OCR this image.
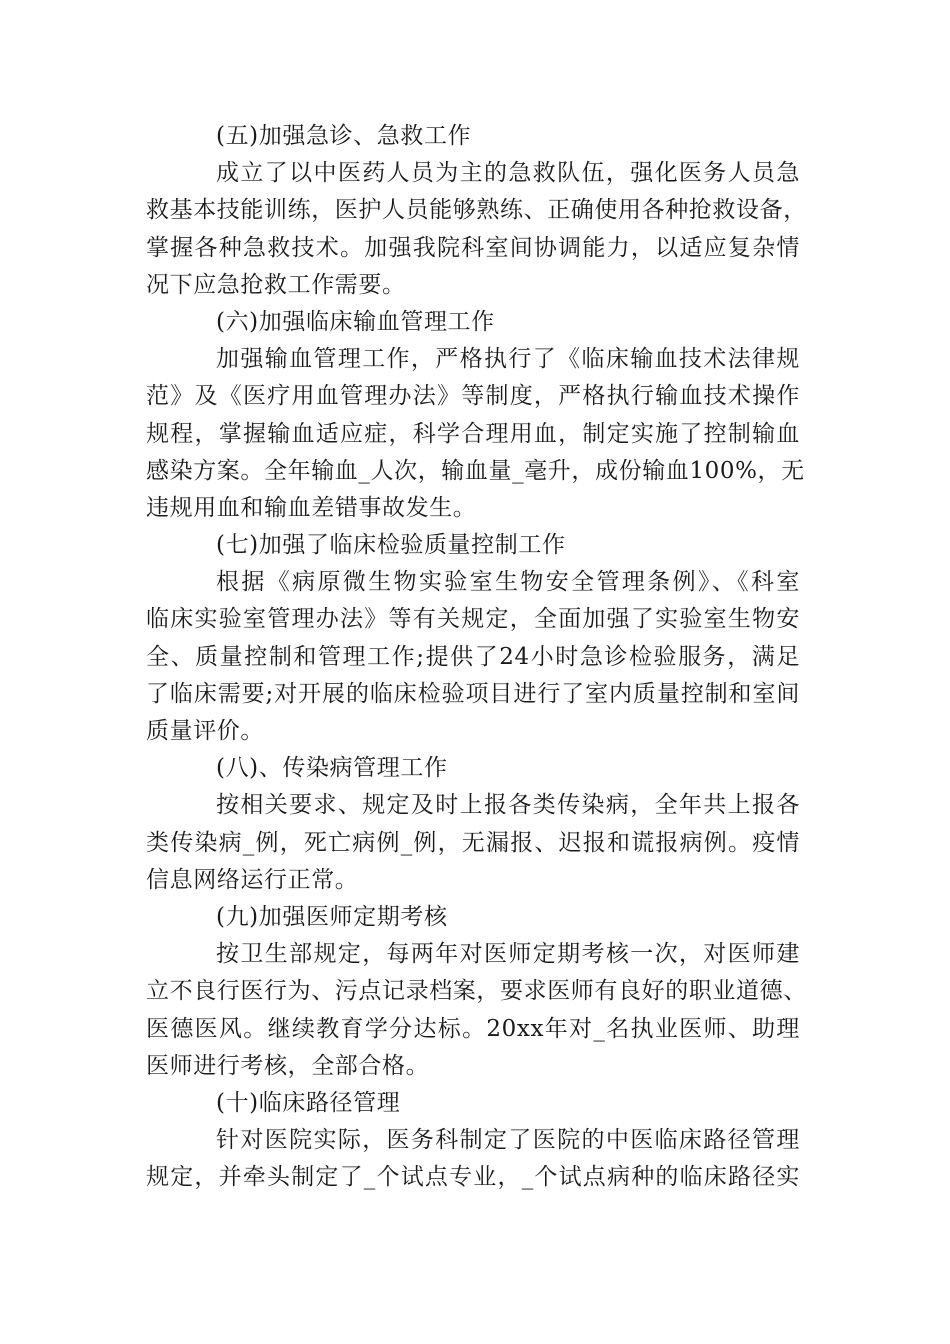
(五)加强急诊、急救工作
成立了以中医药人员为主的急救队伍，强化医务人员急
救基本技能训练，医护人员能够熟练、正确使用各种抢救设备，
掌握各种急救技术。加强我院科室间协调能力，以适应复杂情
况下应急抢救工作需要。
(六)加强临床输血管理工作
加强输血管理工作，严格执行了《临床输血技术法律规
范》及《医疗用血管理办法》等制度，严格执行输血技术操作
规程，掌握输血适应症，科学合理用血，制定实施了控制输血
感染方案。全年输血_人次，输血量_毫升，成份输血100%，无
违规用血和输血差错事故发生。
(七)加强了临床检验质量控制工作
根据《病原微生物实验室生物安全管理条例》、《科室
临床实验室管理办法》等有关规定，全面加强了实验室生物安
全、质量控制和管理工作;提供了24小时急诊检验服务，满足
了临床需要;对开展的临床检验项目进行了室内质量控制和室间
质量评价。
(八)、传染病管理工作
按相关要求、规定及时上报各类传染病，全年共上报各
类传染病_例，死亡病例_例，无漏报、迟报和谎报病例。疫情
信息网络运行正常。
(九)加强医师定期考核
按卫生部规定，每两年对医师定期考核一次，对医师建
立不良行医行为、污点记录档案，要求医师有良好的职业道德、
医德医风。继续教育学分达标。20xx年对_名执业医师、助理
医师进行考核，全部合格。
(十)临床路径管理
针对医院实际，医务科制定了医院的中医临床路径管理
规定，并牵头制定了_个试点专业，_个试点病种的临床路径实
